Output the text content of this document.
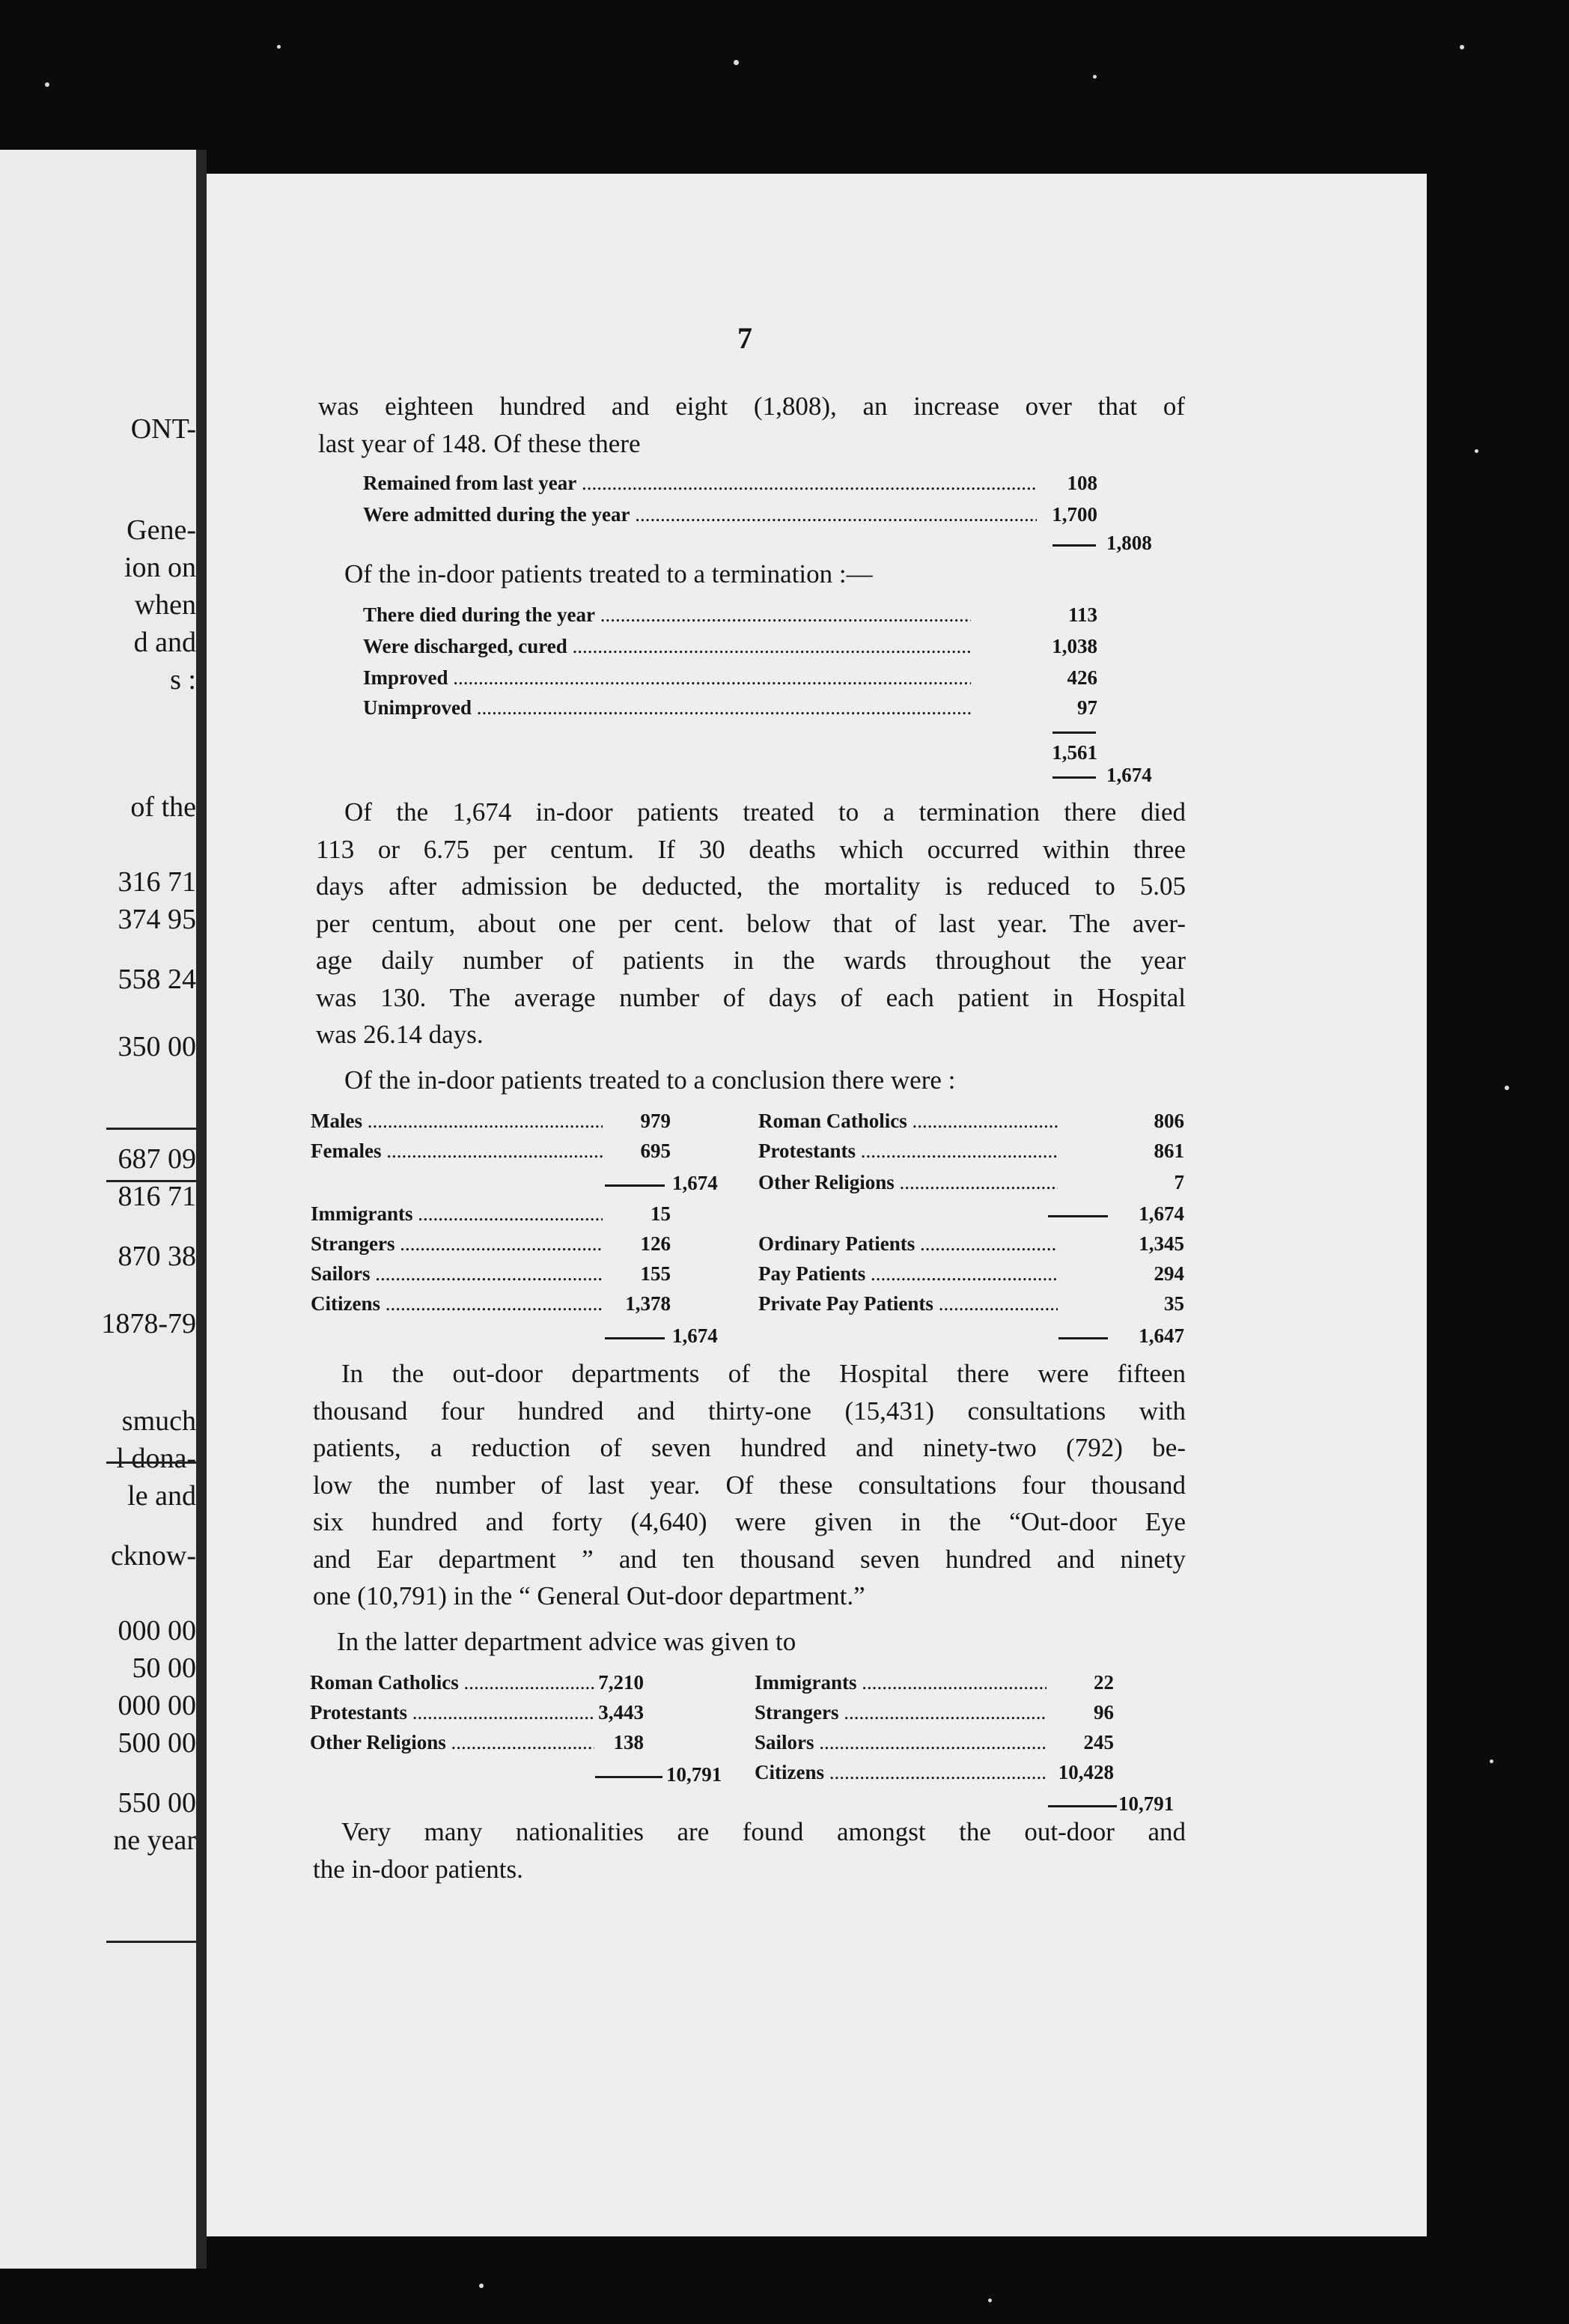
ONT-
Gene-
ion on
when
d and
s :
of the
316 71
374 95
558 24
350 00
687 09
816 71
870 38
1878-79
smuch
l dona-
le and
cknow-
000 00
50 00
000 00
500 00
550 00
ne year
7
was eighteen hundred and eight (1,808), an increase over that of
last year of 148. Of these there
Remained from last year .....	108
Were admitted during the year .....	1,700
1,808
Of the in-door patients treated to a termination :—
There died during the year .....	113
Were discharged, cured .....	1,038
Improved .....	426
Unimproved .....	97
1,561
1,674
Of the 1,674 in-door patients treated to a termination there died
113 or 6.75 per centum. If 30 deaths which occurred within three
days after admission be deducted, the mortality is reduced to 5.05
per centum, about one per cent. below that of last year. The aver-
age daily number of patients in the wards throughout the year
was 130. The average number of days of each patient in Hospital
was 26.14 days.
Of the in-door patients treated to a conclusion there were :
Males .....	979
Females .....	695
1,674
Immigrants .....	15
Strangers .....	126
Sailors .....	155
Citizens .....	1,378
1,674
Roman Catholics .....	806
Protestants .....	861
Other Religions .....	7
1,674
Ordinary Patients .....	1,345
Pay Patients .....	294
Private Pay Patients .....	35
1,647
In the out-door departments of the Hospital there were fifteen
thousand four hundred and thirty-one (15,431) consultations with
patients, a reduction of seven hundred and ninety-two (792) be-
low the number of last year. Of these consultations four thousand
six hundred and forty (4,640) were given in the “Out-door Eye
and Ear department ” and ten thousand seven hundred and ninety
one (10,791) in the “ General Out-door department.”
In the latter department advice was given to
Roman Catholics .....	7,210
Protestants .....	3,443
Other Religions .....	138
10,791
Immigrants .....	22
Strangers .....	96
Sailors .....	245
Citizens .....	10,428
10,791
Very many nationalities are found amongst the out-door and
the in-door patients.
